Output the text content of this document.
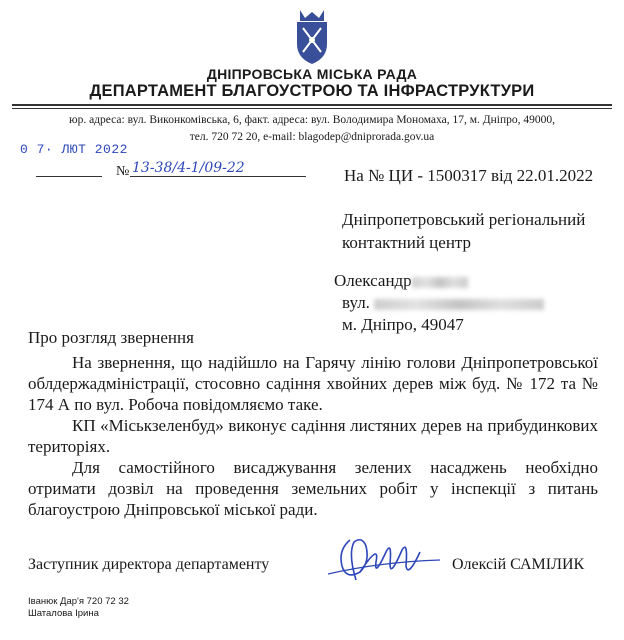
ДНІПРОВСЬКА МІСЬКА РАДА
ДЕПАРТАМЕНТ БЛАГОУСТРОЮ ТА ІНФРАСТРУКТУРИ
юр. адреса: вул. Виконкомівська, 6, факт. адреса: вул. Володимира Мономаха, 17, м. Дніпро, 49000,
тел. 720 72 20, e-mail: blagodep@dniprorada.gov.ua
0 7· ЛЮТ 2022
№ 13-38/4-1/09-22	На № ЦИ - 1500317 від 22.01.2022
Дніпропетровський регіональний
контактний центр
Олександр
вул.
м. Дніпро, 49047
Про розгляд звернення

На звернення, що надійшло на Гарячу лінію голови Дніпропетровської облдержадміністрації, стосовно садіння хвойних дерев між буд. № 172 та № 174 А по вул. Робоча повідомляємо таке.

КП «Міськзеленбуд» виконує садіння листяних дерев на прибудинкових територіях.

Для самостійного висаджування зелених насаджень необхідно отримати дозвіл на проведення земельних робіт у інспекції з питань благоустрою Дніпровської міської ради.

Заступник директора департаменту	Олексій САМІЛИК
Іванюк Дар'я 720 72 32
Шаталова Ірина
